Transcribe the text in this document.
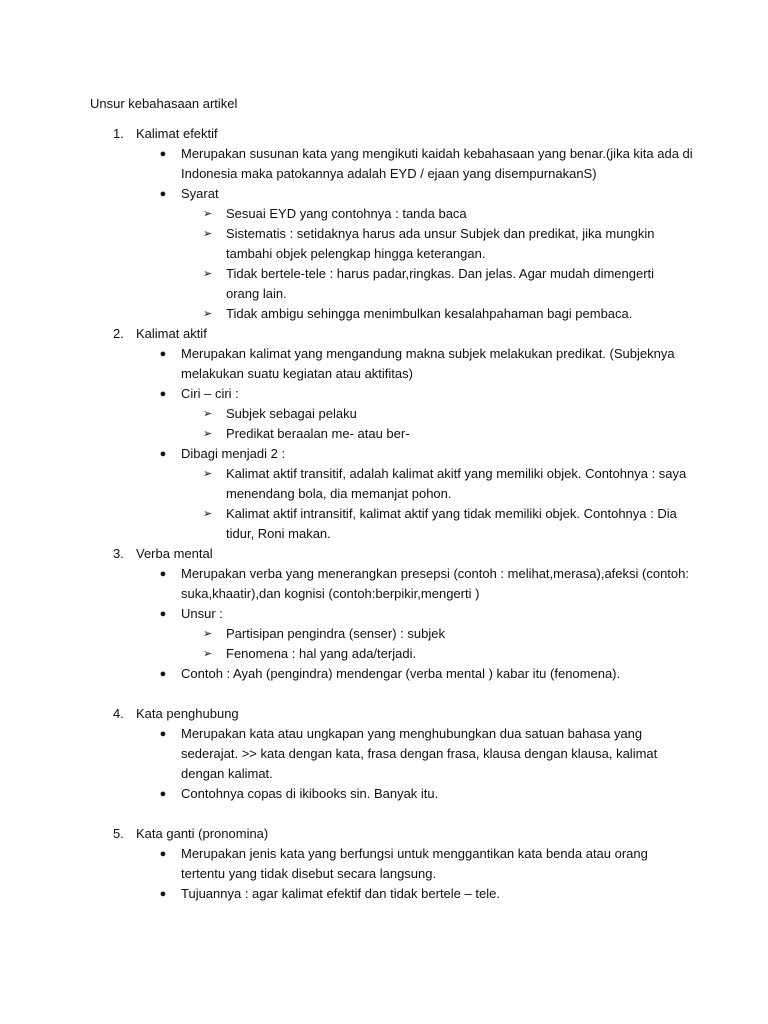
Unsur kebahasaan artikel
1. Kalimat efektif
● Merupakan susunan kata yang mengikuti kaidah kebahasaan yang benar.(jika kita ada di
Indonesia maka patokannya adalah EYD / ejaan yang disempurnakanS)
● Syarat
➢ Sesuai EYD yang contohnya : tanda baca
➢ Sistematis : setidaknya harus ada unsur Subjek dan predikat, jika mungkin
tambahi objek pelengkap hingga keterangan.
➢ Tidak bertele-tele : harus padar,ringkas. Dan jelas. Agar mudah dimengerti
orang lain.
➢ Tidak ambigu sehingga menimbulkan kesalahpahaman bagi pembaca.
2. Kalimat aktif
● Merupakan kalimat yang mengandung makna subjek melakukan predikat. (Subjeknya
melakukan suatu kegiatan atau aktifitas)
● Ciri – ciri :
➢ Subjek sebagai pelaku
➢ Predikat beraalan me- atau ber-
● Dibagi menjadi 2 :
➢ Kalimat aktif transitif, adalah kalimat akitf yang memiliki objek. Contohnya : saya
menendang bola, dia memanjat pohon.
➢ Kalimat aktif intransitif, kalimat aktif yang tidak memiliki objek. Contohnya : Dia
tidur, Roni makan.
3. Verba mental
● Merupakan verba yang menerangkan presepsi (contoh : melihat,merasa),afeksi (contoh:
suka,khaatir),dan kognisi (contoh:berpikir,mengerti )
● Unsur :
➢ Partisipan pengindra (senser) : subjek
➢ Fenomena : hal yang ada/terjadi.
● Contoh : Ayah (pengindra) mendengar (verba mental ) kabar itu (fenomena).
4. Kata penghubung
● Merupakan kata atau ungkapan yang menghubungkan dua satuan bahasa yang
sederajat. >> kata dengan kata, frasa dengan frasa, klausa dengan klausa, kalimat
dengan kalimat.
● Contohnya copas di ikibooks sin. Banyak itu.
5. Kata ganti (pronomina)
● Merupakan jenis kata yang berfungsi untuk menggantikan kata benda atau orang
tertentu yang tidak disebut secara langsung.
● Tujuannya : agar kalimat efektif dan tidak bertele – tele.
